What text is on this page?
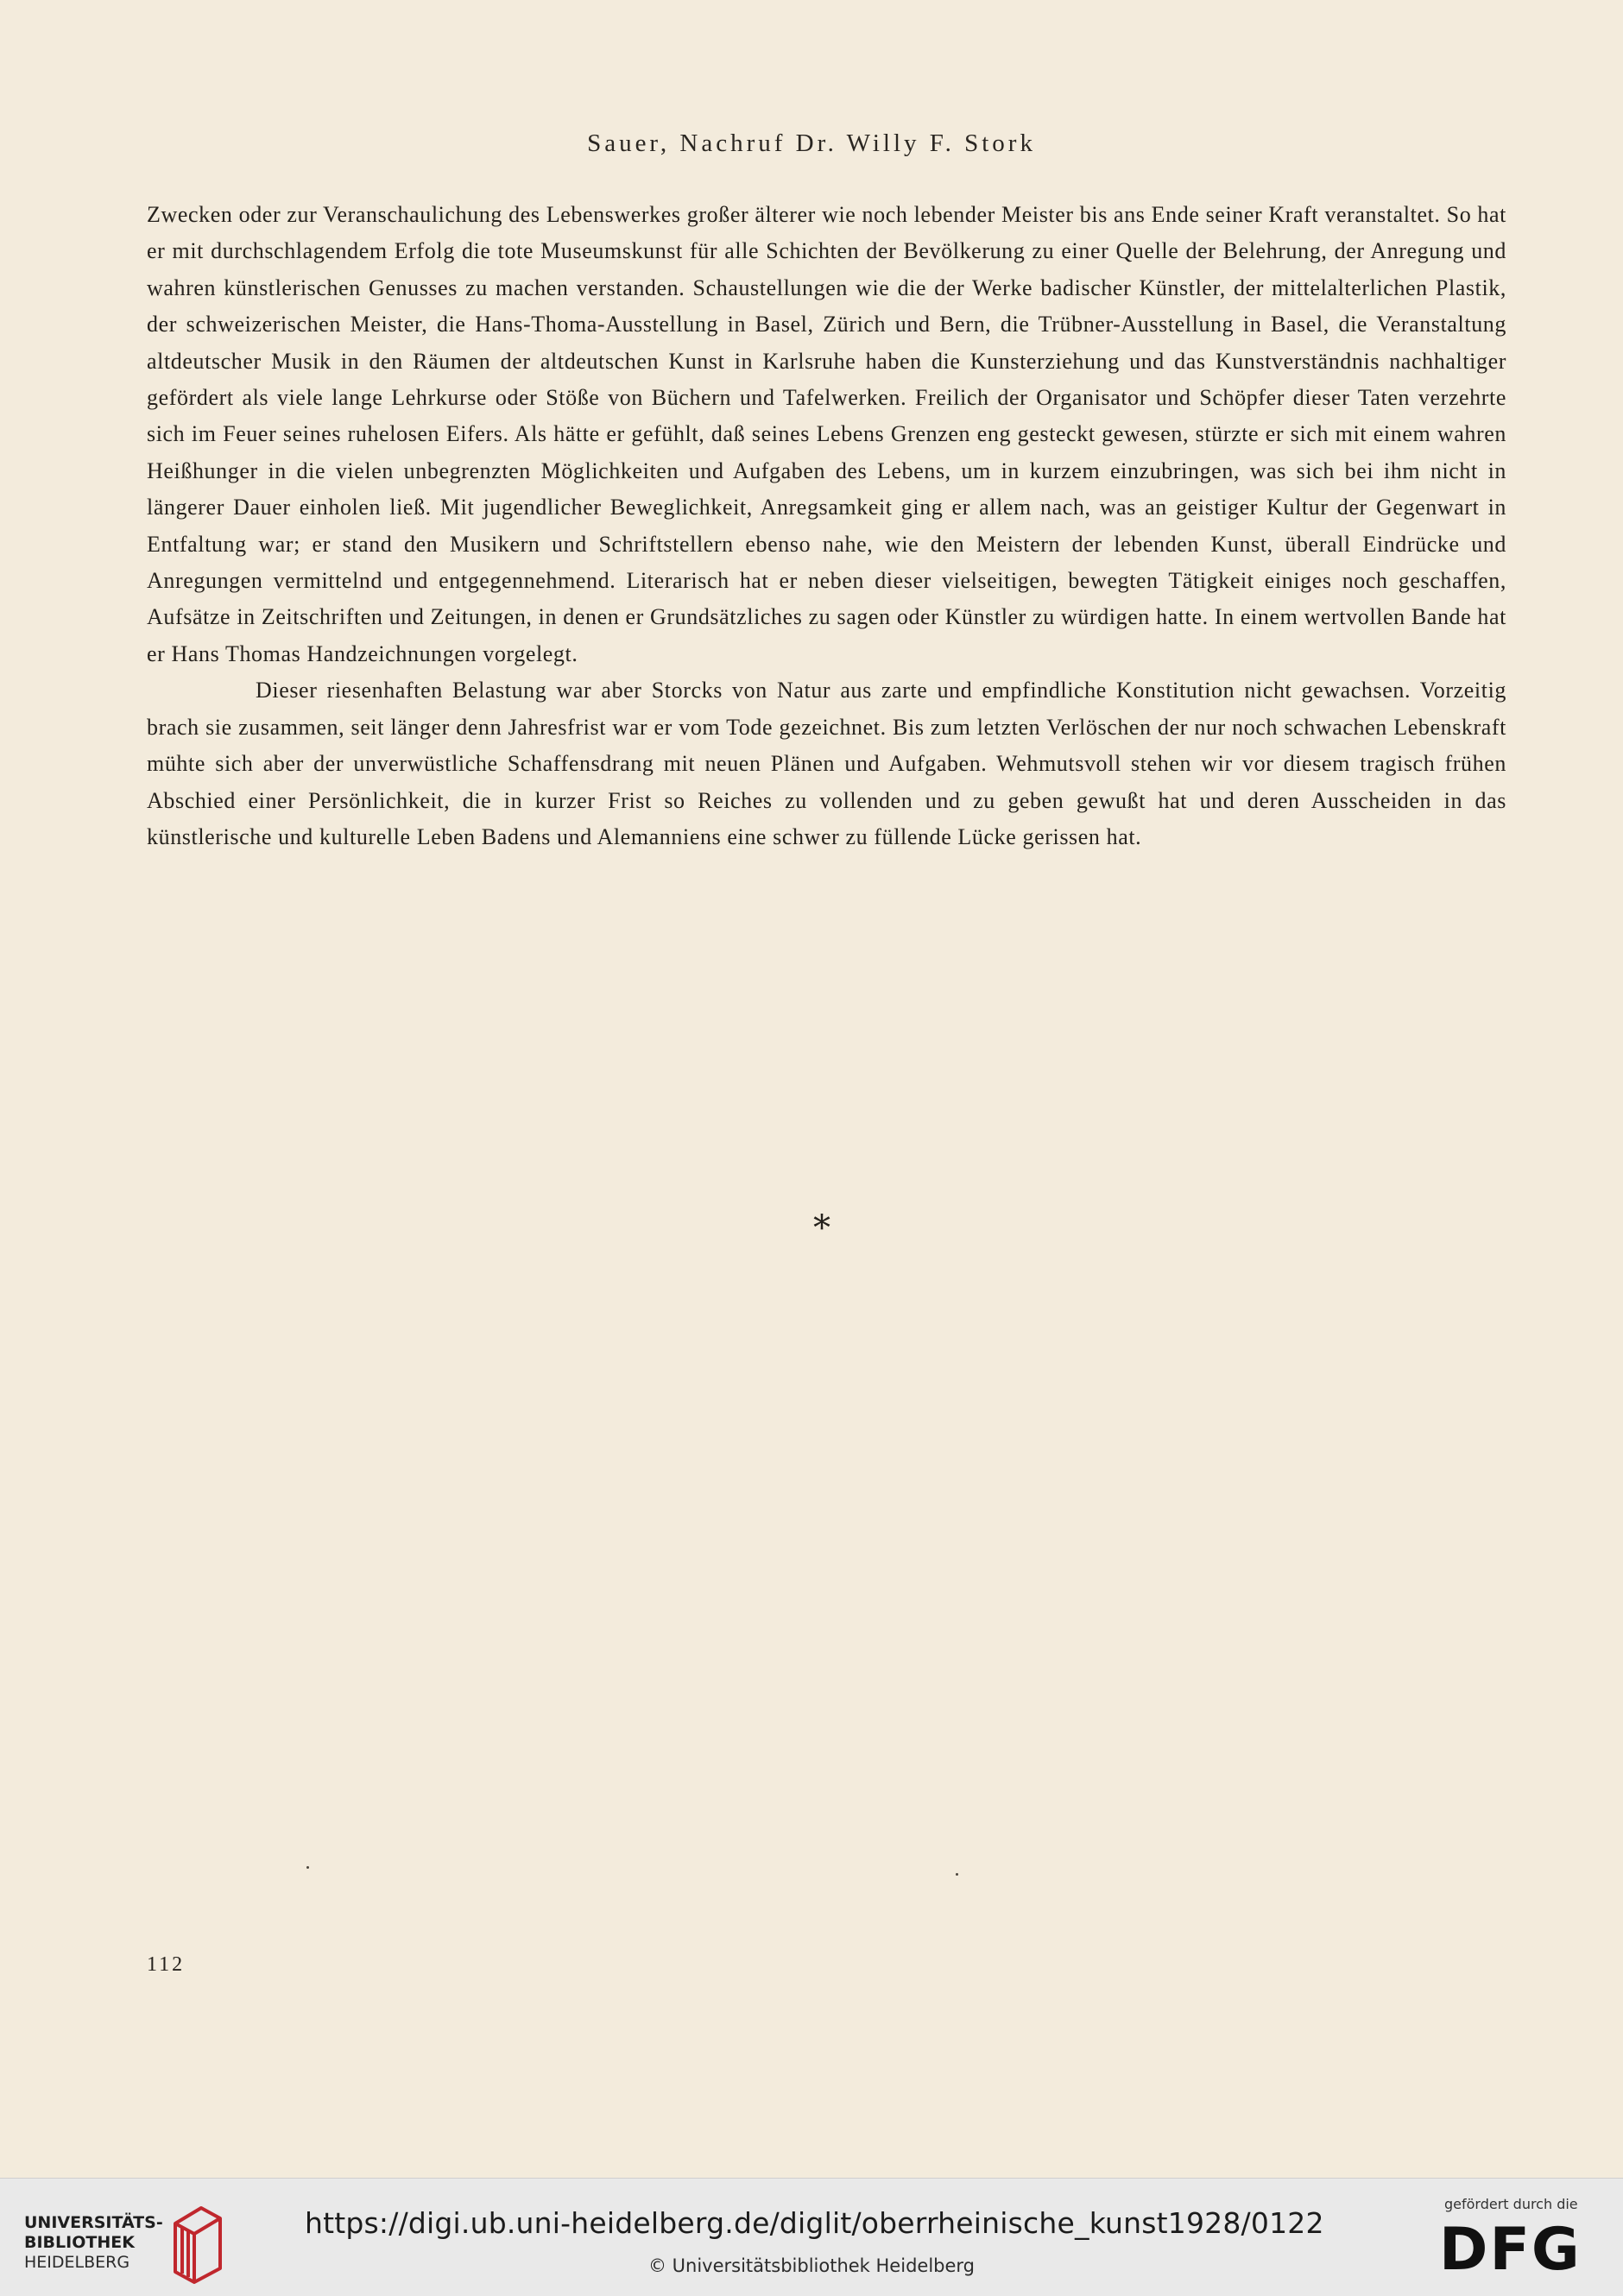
Sauer, Nachruf Dr. Willy F. Stork

Zwecken oder zur Veranschaulichung des Lebenswerkes großer älterer wie noch lebender Meister bis ans Ende seiner Kraft veranstaltet. So hat er mit durchschlagendem Erfolg die tote Museumskunst für alle Schichten der Bevölkerung zu einer Quelle der Belehrung, der Anregung und wahren künstlerischen Genusses zu machen verstanden. Schaustellungen wie die der Werke badischer Künstler, der mittelalterlichen Plastik, der schweizerischen Meister, die Hans-Thoma-Ausstellung in Basel, Zürich und Bern, die Trübner-Ausstellung in Basel, die Veranstaltung altdeutscher Musik in den Räumen der altdeutschen Kunst in Karlsruhe haben die Kunsterziehung und das Kunstverständnis nachhaltiger gefördert als viele lange Lehrkurse oder Stöße von Büchern und Tafelwerken. Freilich der Organisator und Schöpfer dieser Taten verzehrte sich im Feuer seines ruhelosen Eifers. Als hätte er gefühlt, daß seines Lebens Grenzen eng gesteckt gewesen, stürzte er sich mit einem wahren Heißhunger in die vielen unbegrenzten Möglichkeiten und Aufgaben des Lebens, um in kurzem einzubringen, was sich bei ihm nicht in längerer Dauer einholen ließ. Mit jugendlicher Beweglichkeit, Anregsamkeit ging er allem nach, was an geistiger Kultur der Gegenwart in Entfaltung war; er stand den Musikern und Schriftstellern ebenso nahe, wie den Meistern der lebenden Kunst, überall Eindrücke und Anregungen vermittelnd und entgegennehmend. Literarisch hat er neben dieser vielseitigen, bewegten Tätigkeit einiges noch geschaffen, Aufsätze in Zeitschriften und Zeitungen, in denen er Grundsätzliches zu sagen oder Künstler zu würdigen hatte. In einem wertvollen Bande hat er Hans Thomas Handzeichnungen vorgelegt.

Dieser riesenhaften Belastung war aber Storcks von Natur aus zarte und empfindliche Konstitution nicht gewachsen. Vorzeitig brach sie zusammen, seit länger denn Jahresfrist war er vom Tode gezeichnet. Bis zum letzten Verlöschen der nur noch schwachen Lebenskraft mühte sich aber der unverwüstliche Schaffensdrang mit neuen Plänen und Aufgaben. Wehmutsvoll stehen wir vor diesem tragisch frühen Abschied einer Persönlichkeit, die in kurzer Frist so Reiches zu vollenden und zu geben gewußt hat und deren Ausscheiden in das künstlerische und kulturelle Leben Badens und Alemanniens eine schwer zu füllende Lücke gerissen hat.

*
112
UNIVERSITÄTS-
BIBLIOTHEK
HEIDELBERG
https://digi.ub.uni-heidelberg.de/diglit/oberrheinische_kunst1928/0122
© Universitätsbibliothek Heidelberg
gefördert durch die
DFG
